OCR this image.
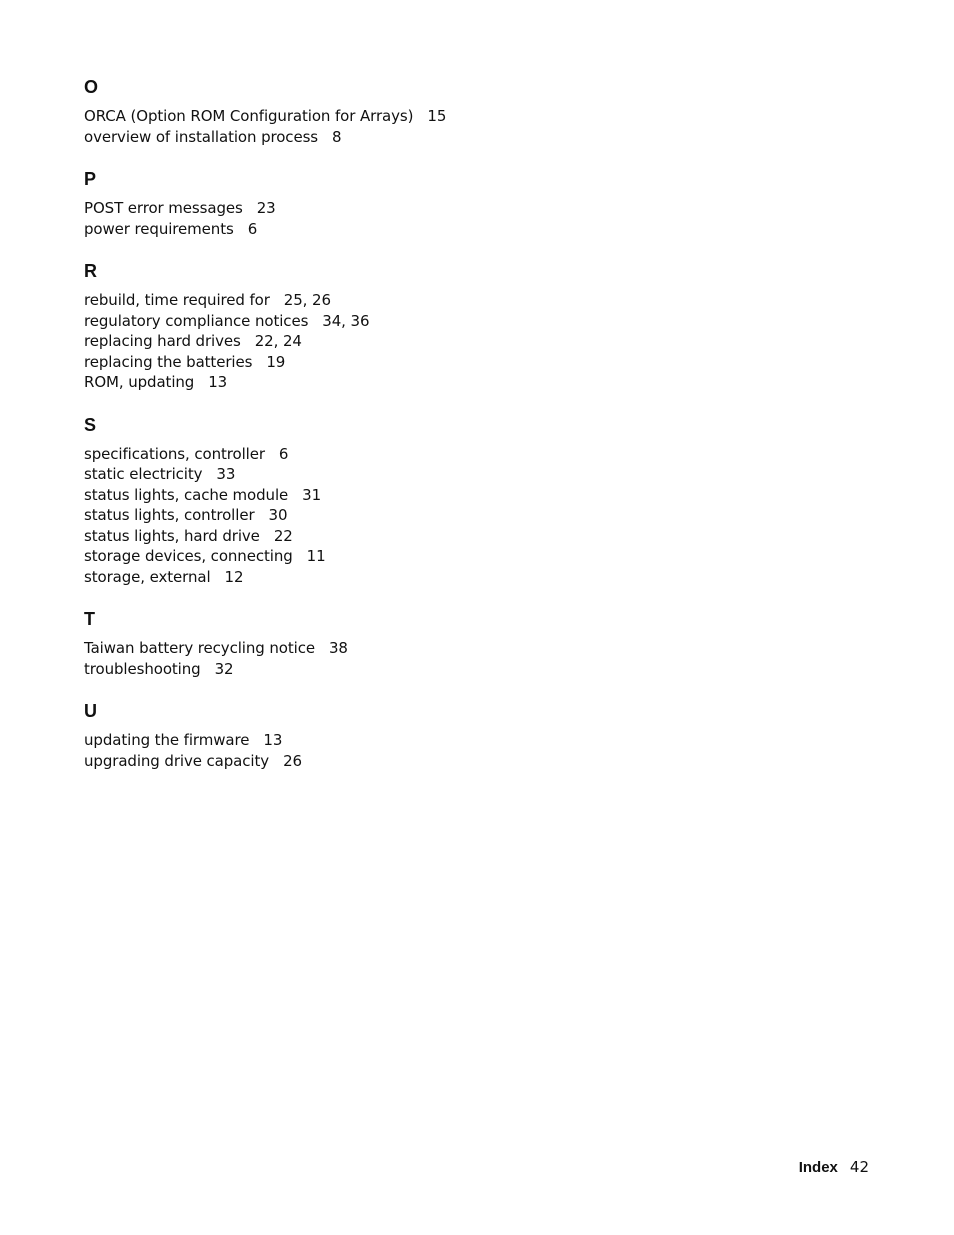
O
ORCA (Option ROM Configuration for Arrays) 15
overview of installation process 8
P
POST error messages 23
power requirements 6
R
rebuild, time required for 25, 26
regulatory compliance notices 34, 36
replacing hard drives 22, 24
replacing the batteries 19
ROM, updating 13
S
specifications, controller 6
static electricity 33
status lights, cache module 31
status lights, controller 30
status lights, hard drive 22
storage devices, connecting 11
storage, external 12
T
Taiwan battery recycling notice 38
troubleshooting 32
U
updating the firmware 13
upgrading drive capacity 26
Index 42
